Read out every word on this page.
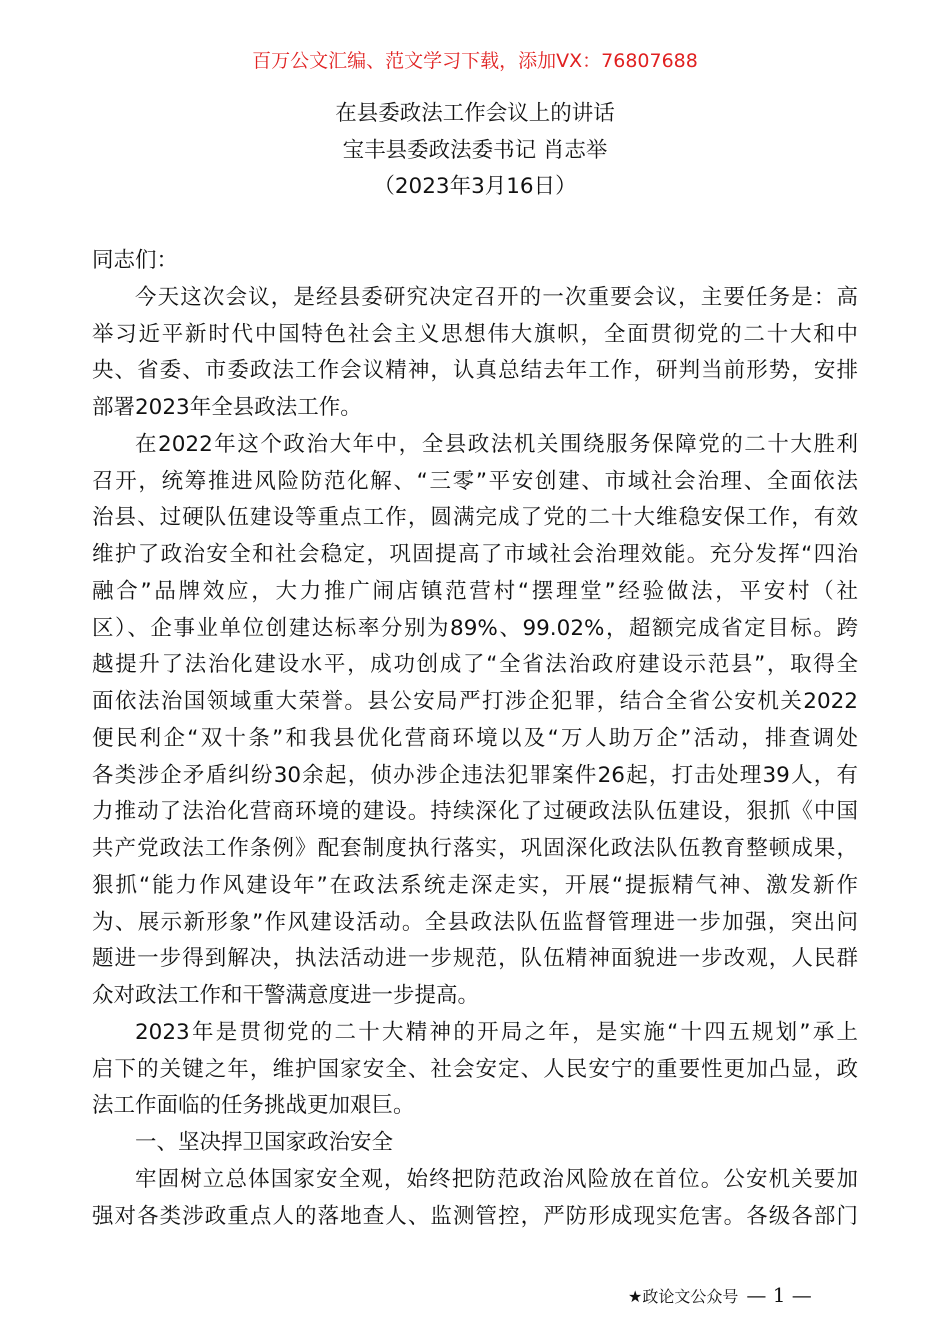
百万公文汇编、范文学习下载，添加VX：76807688
在县委政法工作会议上的讲话
宝丰县委政法委书记 肖志举
（2023年3月16日）
同志们：
今天这次会议，是经县委研究决定召开的一次重要会议，主要任务是：高
举习近平新时代中国特色社会主义思想伟大旗帜，全面贯彻党的二十大和中
央、省委、市委政法工作会议精神，认真总结去年工作，研判当前形势，安排
部署2023年全县政法工作。
在2022年这个政治大年中，全县政法机关围绕服务保障党的二十大胜利
召开，统筹推进风险防范化解、“三零”平安创建、市域社会治理、全面依法
治县、过硬队伍建设等重点工作，圆满完成了党的二十大维稳安保工作，有效
维护了政治安全和社会稳定，巩固提高了市域社会治理效能。充分发挥“四治
融合”品牌效应，大力推广闹店镇范营村“摆理堂”经验做法，平安村（社
区）、企事业单位创建达标率分别为89%、99.02%，超额完成省定目标。跨
越提升了法治化建设水平，成功创成了“全省法治政府建设示范县”，取得全
面依法治国领域重大荣誉。县公安局严打涉企犯罪，结合全省公安机关2022
便民利企“双十条”和我县优化营商环境以及“万人助万企”活动，排查调处
各类涉企矛盾纠纷30余起，侦办涉企违法犯罪案件26起，打击处理39人，有
力推动了法治化营商环境的建设。持续深化了过硬政法队伍建设，狠抓《中国
共产党政法工作条例》配套制度执行落实，巩固深化政法队伍教育整顿成果，
狠抓“能力作风建设年”在政法系统走深走实，开展“提振精气神、激发新作
为、展示新形象”作风建设活动。全县政法队伍监督管理进一步加强，突出问
题进一步得到解决，执法活动进一步规范，队伍精神面貌进一步改观，人民群
众对政法工作和干警满意度进一步提高。
2023年是贯彻党的二十大精神的开局之年，是实施“十四五规划”承上
启下的关键之年，维护国家安全、社会安定、人民安宁的重要性更加凸显，政
法工作面临的任务挑战更加艰巨。
一、坚决捍卫国家政治安全
牢固树立总体国家安全观，始终把防范政治风险放在首位。公安机关要加
强对各类涉政重点人的落地查人、监测管控，严防形成现实危害。各级各部门
★政论文公众号 — 1 —
